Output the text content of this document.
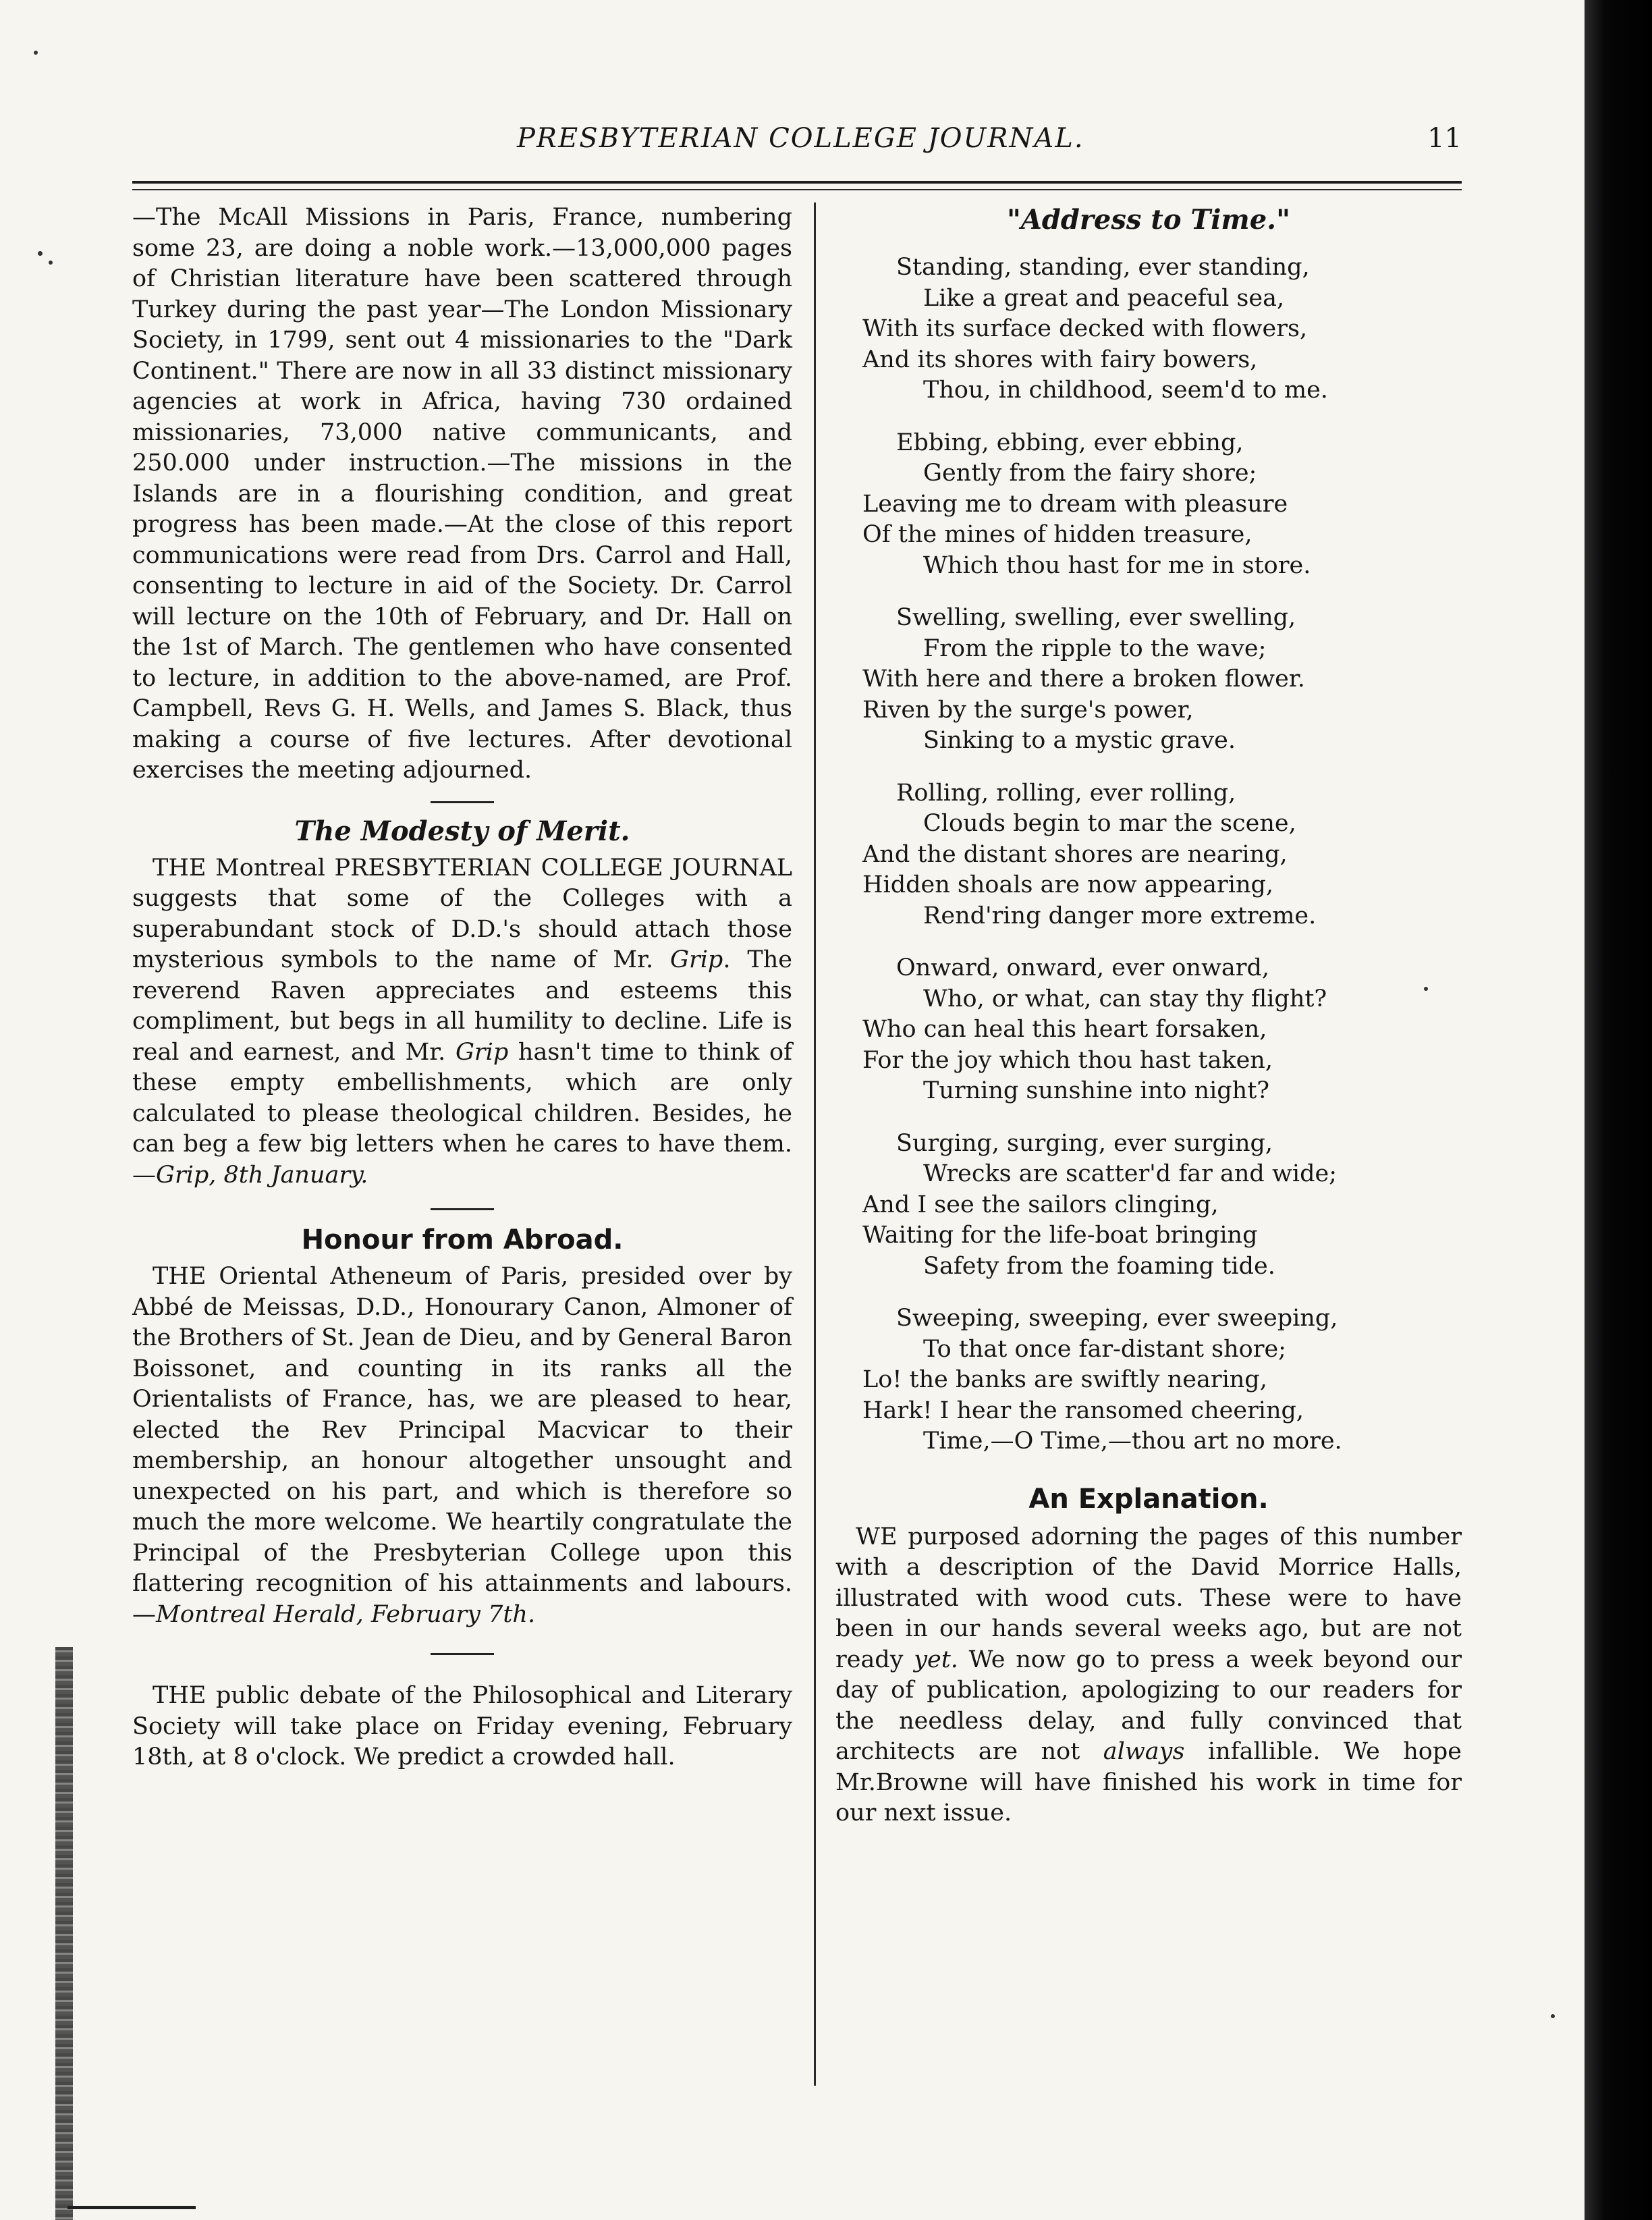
PRESBYTERIAN COLLEGE JOURNAL.	11

—The McAll Missions in Paris, France, numbering some 23, are doing a noble work.—13,000,000 pages of Christian literature have been scattered through Turkey during the past year—The London Missionary Society, in 1799, sent out 4 missionaries to the "Dark Continent." There are now in all 33 distinct missionary agencies at work in Africa, having 730 ordained missionaries, 73,000 native communicants, and 250.000 under instruction.—The missions in the Islands are in a flourishing condition, and great progress has been made.—At the close of this report communications were read from Drs. Carrol and Hall, consenting to lecture in aid of the Society. Dr. Carrol will lecture on the 10th of February, and Dr. Hall on the 1st of March. The gentlemen who have consented to lecture, in addition to the above-named, are Prof. Campbell, Revs G. H. Wells, and James S. Black, thus making a course of five lectures. After devotional exercises the meeting adjourned.

The Modesty of Merit.

THE Montreal PRESBYTERIAN COLLEGE JOURNAL suggests that some of the Colleges with a superabundant stock of D.D.'s should attach those mysterious symbols to the name of Mr. Grip. The reverend Raven appreciates and esteems this compliment, but begs in all humility to decline. Life is real and earnest, and Mr. Grip hasn't time to think of these empty embellishments, which are only calculated to please theological children. Besides, he can beg a few big letters when he cares to have them.—Grip, 8th January.

Honour from Abroad.

THE Oriental Atheneum of Paris, presided over by Abbé de Meissas, D.D., Honourary Canon, Almoner of the Brothers of St. Jean de Dieu, and by General Baron Boissonet, and counting in its ranks all the Orientalists of France, has, we are pleased to hear, elected the Rev Principal Macvicar to their membership, an honour altogether unsought and unexpected on his part, and which is therefore so much the more welcome. We heartily congratulate the Principal of the Presbyterian College upon this flattering recognition of his attainments and labours.—Montreal Herald, February 7th.

THE public debate of the Philosophical and Literary Society will take place on Friday evening, February 18th, at 8 o'clock. We predict a crowded hall.

"Address to Time."
Standing, standing, ever standing,
Like a great and peaceful sea,
With its surface decked with flowers,
And its shores with fairy bowers,
Thou, in childhood, seem'd to me.
Ebbing, ebbing, ever ebbing,
Gently from the fairy shore;
Leaving me to dream with pleasure
Of the mines of hidden treasure,
Which thou hast for me in store.
Swelling, swelling, ever swelling,
From the ripple to the wave;
With here and there a broken flower.
Riven by the surge's power,
Sinking to a mystic grave.
Rolling, rolling, ever rolling,
Clouds begin to mar the scene,
And the distant shores are nearing,
Hidden shoals are now appearing,
Rend'ring danger more extreme.
Onward, onward, ever onward,
Who, or what, can stay thy flight?
Who can heal this heart forsaken,
For the joy which thou hast taken,
Turning sunshine into night?
Surging, surging, ever surging,
Wrecks are scatter'd far and wide;
And I see the sailors clinging,
Waiting for the life-boat bringing
Safety from the foaming tide.
Sweeping, sweeping, ever sweeping,
To that once far-distant shore;
Lo! the banks are swiftly nearing,
Hark! I hear the ransomed cheering,
Time,—O Time,—thou art no more.
An Explanation.

WE purposed adorning the pages of this number with a description of the David Morrice Halls, illustrated with wood cuts. These were to have been in our hands several weeks ago, but are not ready yet. We now go to press a week beyond our day of publication, apologizing to our readers for the needless delay, and fully convinced that architects are not always infallible. We hope Mr.Browne will have finished his work in time for our next issue.
